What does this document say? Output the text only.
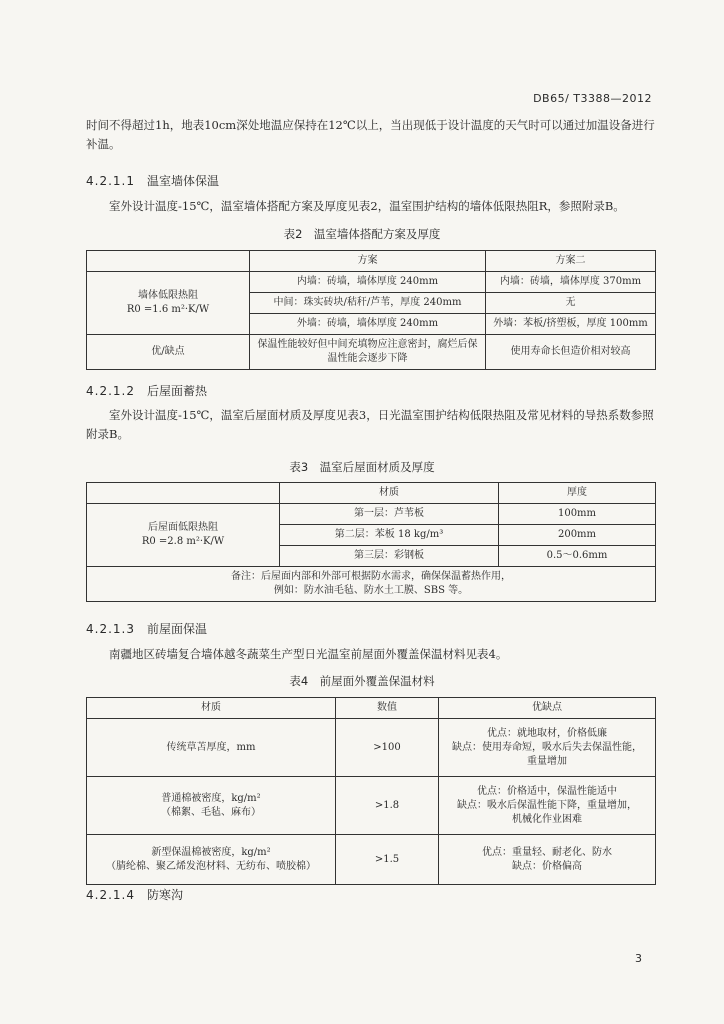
DB65/ T3388—2012

时间不得超过1h，地表10cm深处地温应保持在12℃以上，当出现低于设计温度的天气时可以通过加温设备进行补温。

4.2.1.1 温室墙体保温

室外设计温度-15℃，温室墙体搭配方案及厚度见表2，温室围护结构的墙体低限热阻R，参照附录B。

表2　温室墙体搭配方案及厚度

	方案	方案二

墙体低限热阻
R0 =1.6 m²·K/W	内墙：砖墙，墙体厚度 240mm	内墙：砖墙，墙体厚度 370mm
	中间：珠实砖块/秸秆/芦苇，厚度 240mm	无
	外墙：砖墙，墙体厚度 240mm	外墙：苯板/挤塑板，厚度 100mm
优/缺点	保温性能较好但中间充填物应注意密封，腐烂后保温性能会逐步下降	使用寿命长但造价相对较高

4.2.1.2 后屋面蓄热

室外设计温度-15℃，温室后屋面材质及厚度见表3，日光温室围护结构低限热阻及常见材料的导热系数参照附录B。

表3　温室后屋面材质及厚度

	材质	厚度

后屋面低限热阻
R0 =2.8 m²·K/W	第一层：芦苇板	100mm
	第二层：苯板 18 kg/m³	200mm
	第三层：彩钢板	0.5～0.6mm

备注：后屋面内部和外部可根据防水需求，确保保温蓄热作用，
例如：防水油毛毡、防水土工膜、SBS 等。		

4.2.1.3 前屋面保温

南疆地区砖墙复合墙体越冬蔬菜生产型日光温室前屋面外覆盖保温材料见表4。

表4　前屋面外覆盖保温材料

材质	数值	优缺点

传统草苫厚度，mm	>100	优点：就地取材，价格低廉
缺点：使用寿命短，吸水后失去保温性能，
重量增加

普通棉被密度，kg/m²
（棉絮、毛毡、麻布）	>1.8	优点：价格适中，保温性能适中
缺点：吸水后保温性能下降，重量增加，
机械化作业困难

新型保温棉被密度，kg/m²
（腈纶棉、聚乙烯发泡材料、无纺布、喷胶棉）	>1.5	优点：重量轻、耐老化、防水
缺点：价格偏高

4.2.1.4 防寒沟

3
